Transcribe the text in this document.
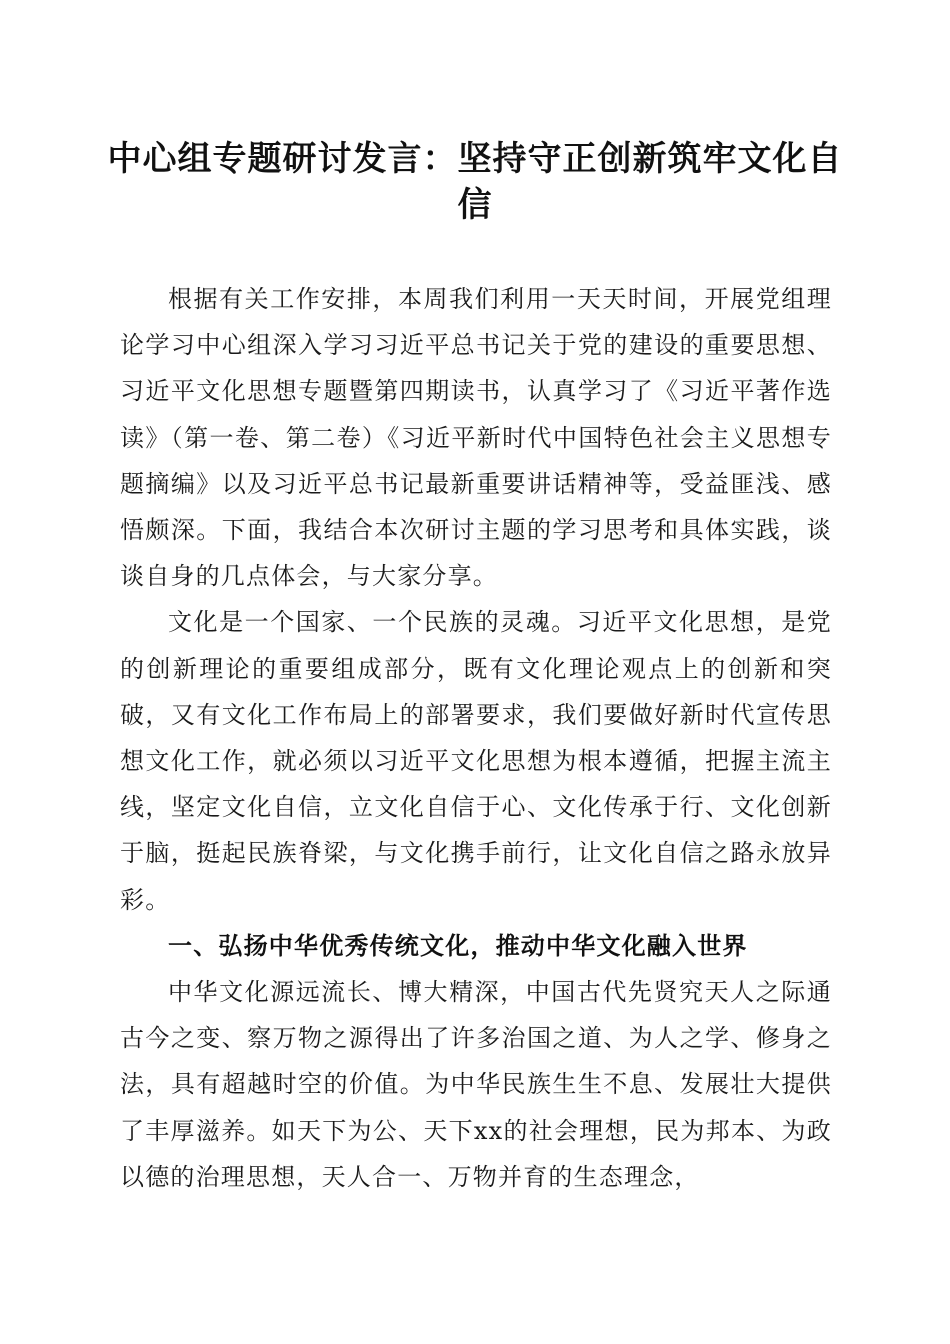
中心组专题研讨发言：坚持守正创新筑牢文化自信

根据有关工作安排，本周我们利用一天天时间，开展党组理论学习中心组深入学习习近平总书记关于党的建设的重要思想、习近平文化思想专题暨第四期读书，认真学习了《习近平著作选读》（第一卷、第二卷）《习近平新时代中国特色社会主义思想专题摘编》以及习近平总书记最新重要讲话精神等，受益匪浅、感悟颇深。下面，我结合本次研讨主题的学习思考和具体实践，谈谈自身的几点体会，与大家分享。

文化是一个国家、一个民族的灵魂。习近平文化思想，是党的创新理论的重要组成部分，既有文化理论观点上的创新和突破，又有文化工作布局上的部署要求，我们要做好新时代宣传思想文化工作，就必须以习近平文化思想为根本遵循，把握主流主线，坚定文化自信，立文化自信于心、文化传承于行、文化创新于脑，挺起民族脊梁，与文化携手前行，让文化自信之路永放异彩。

一、弘扬中华优秀传统文化，推动中华文化融入世界

中华文化源远流长、博大精深，中国古代先贤究天人之际通古今之变、察万物之源得出了许多治国之道、为人之学、修身之法，具有超越时空的价值。为中华民族生生不息、发展壮大提供了丰厚滋养。如天下为公、天下xx的社会理想，民为邦本、为政以德的治理思想，天人合一、万物并育的生态理念，
